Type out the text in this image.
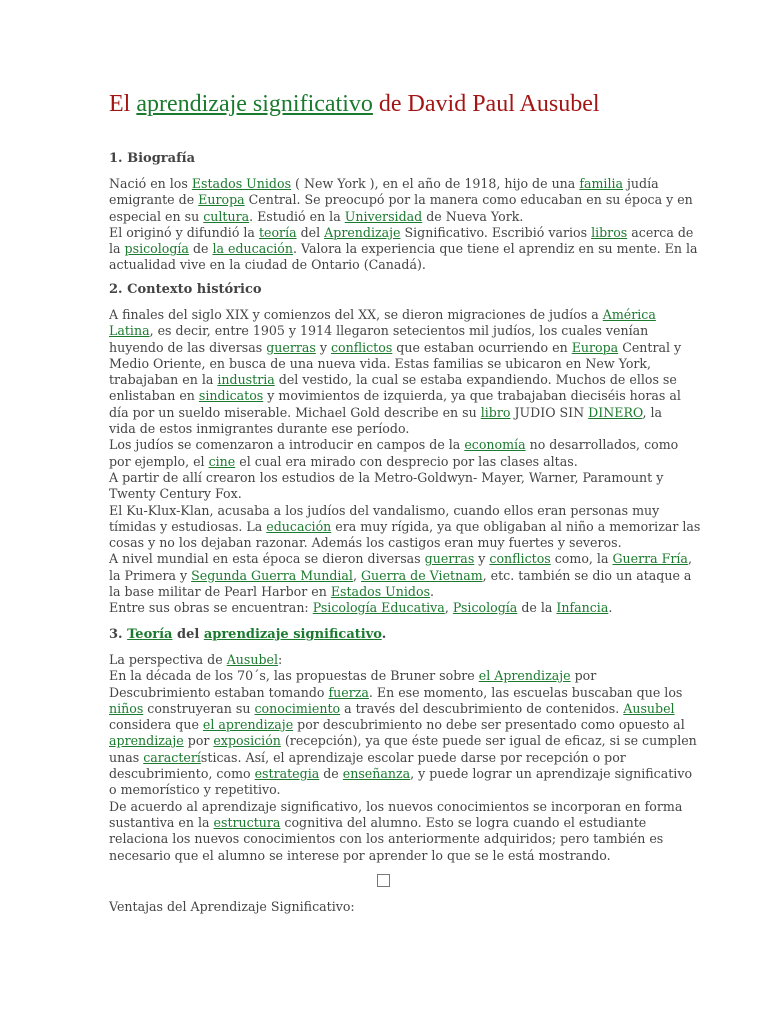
El aprendizaje significativo de David Paul Ausubel
1. Biografía
Nació en los Estados Unidos ( New York ), en el año de 1918, hijo de una familia judía
emigrante de Europa Central. Se preocupó por la manera como educaban en su época y en
especial en su cultura. Estudió en la Universidad de Nueva York.
El originó y difundió la teoría del Aprendizaje Significativo. Escribió varios libros acerca de
la psicología de la educación. Valora la experiencia que tiene el aprendiz en su mente. En la
actualidad vive en la ciudad de Ontario (Canadá).
2. Contexto histórico
A finales del siglo XIX y comienzos del XX, se dieron migraciones de judíos a América
Latina, es decir, entre 1905 y 1914 llegaron setecientos mil judíos, los cuales venían
huyendo de las diversas guerras y conflictos que estaban ocurriendo en Europa Central y
Medio Oriente, en busca de una nueva vida. Estas familias se ubicaron en New York,
trabajaban en la industria del vestido, la cual se estaba expandiendo. Muchos de ellos se
enlistaban en sindicatos y movimientos de izquierda, ya que trabajaban dieciséis horas al
día por un sueldo miserable. Michael Gold describe en su libro JUDIO SIN DINERO, la
vida de estos inmigrantes durante ese período.
Los judíos se comenzaron a introducir en campos de la economía no desarrollados, como
por ejemplo, el cine el cual era mirado con desprecio por las clases altas.
A partir de allí crearon los estudios de la Metro-Goldwyn- Mayer, Warner, Paramount y
Twenty Century Fox.
El Ku-Klux-Klan, acusaba a los judíos del vandalismo, cuando ellos eran personas muy
tímidas y estudiosas. La educación era muy rígida, ya que obligaban al niño a memorizar las
cosas y no los dejaban razonar. Además los castigos eran muy fuertes y severos.
A nivel mundial en esta época se dieron diversas guerras y conflictos como, la Guerra Fría,
la Primera y Segunda Guerra Mundial, Guerra de Vietnam, etc. también se dio un ataque a
la base militar de Pearl Harbor en Estados Unidos.
Entre sus obras se encuentran: Psicología Educativa, Psicología de la Infancia.
3. Teoría del aprendizaje significativo.
La perspectiva de Ausubel:
En la década de los 70´s, las propuestas de Bruner sobre el Aprendizaje por
Descubrimiento estaban tomando fuerza. En ese momento, las escuelas buscaban que los
niños construyeran su conocimiento a través del descubrimiento de contenidos. Ausubel
considera que el aprendizaje por descubrimiento no debe ser presentado como opuesto al
aprendizaje por exposición (recepción), ya que éste puede ser igual de eficaz, si se cumplen
unas características. Así, el aprendizaje escolar puede darse por recepción o por
descubrimiento, como estrategia de enseñanza, y puede lograr un aprendizaje significativo
o memorístico y repetitivo.
De acuerdo al aprendizaje significativo, los nuevos conocimientos se incorporan en forma
sustantiva en la estructura cognitiva del alumno. Esto se logra cuando el estudiante
relaciona los nuevos conocimientos con los anteriormente adquiridos; pero también es
necesario que el alumno se interese por aprender lo que se le está mostrando.
Ventajas del Aprendizaje Significativo:
